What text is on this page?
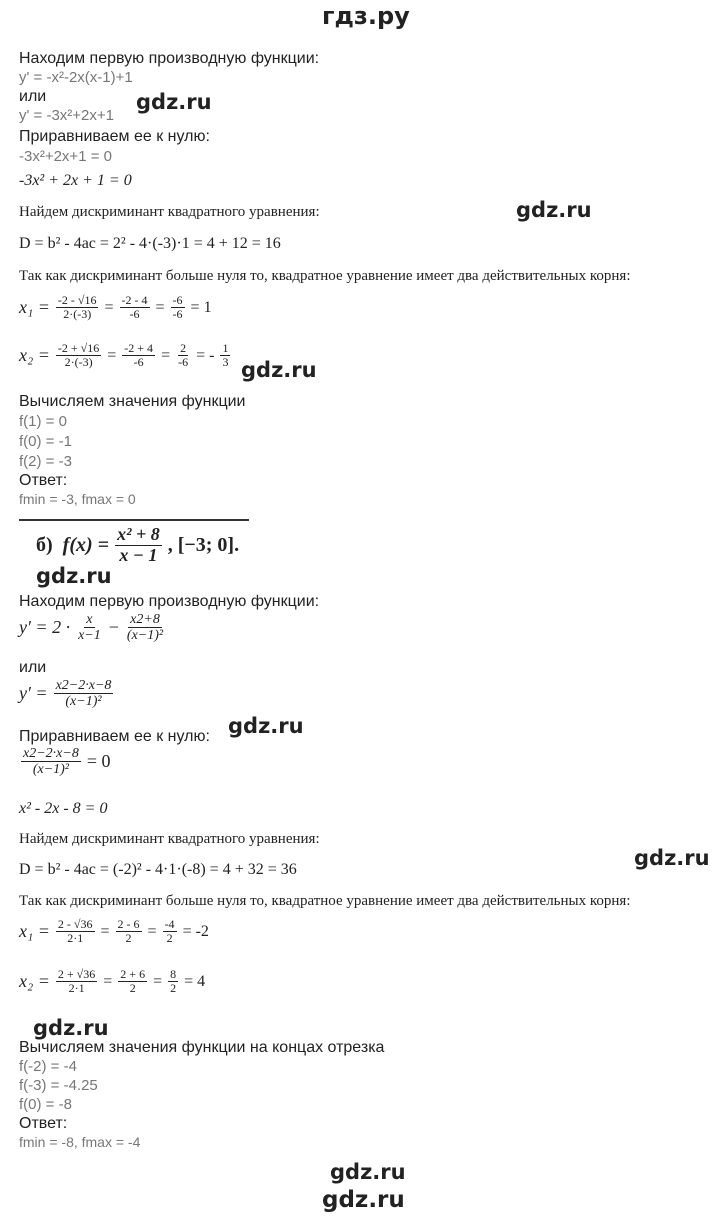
гдз.ру
Находим первую производную функции:
y' = -x²-2x(x-1)+1
или	gdz.ru
y' = -3x²+2x+1
Приравниваем ее к нулю:
-3x²+2x+1 = 0
-3x² + 2x + 1 = 0
Найдем дискриминант квадратного уравнения:	gdz.ru
D = b² - 4ac = 2² - 4·(-3)·1 = 4 + 12 = 16
Так как дискриминант больше нуля то, квадратное уравнение имеет два действительных корня:
$x_1 = \frac{-2 - √16}{2\cdot(-3)} = \frac{-2 - 4}{-6} = \frac{-6}{-6} = 1$
$x_2 = \frac{-2 + √16}{2\cdot(-3)} = \frac{-2 + 4}{-6} = \frac{2}{-6}$ = - $\frac{1}{3}$
gdz.ru
Вычисляем значения функции
f(1) = 0
f(0) = -1
f(2) = -3
Ответ:
fmin = -3, fmax = 0
б) $f(x) = \frac{\text{x² + 8}}{x - 1}$ , [−3; 0].
gdz.ru
Находим первую производную функции:
$y' = 2 \cdot \frac{x}{x-1} - \frac{x2+8}{\text{(x−1)²}}$
или
$y' = \frac{x2-2\cdot x-8}{\text{(x−1)²}}$
Приравниваем ее к нулю: gdz.ru
$\frac{x2-2\cdot x-8}{\text{(x−1)²}} = 0$
x² - 2x - 8 = 0
Найдем дискриминант квадратного уравнения:
gdz.ru
D = b² - 4ac = (-2)² - 4·1·(-8) = 4 + 32 = 36
Так как дискриминант больше нуля то, квадратное уравнение имеет два действительных корня:
$x_1 = \frac{2 - √36}{2\cdot 1} = \frac{2 - 6}{2} = \frac{-4}{2} = -2$
$x_2 = \frac{2 + √36}{2\cdot 1} = \frac{2 + 6}{2} = \frac{8}{2} = 4$
gdz.ru
Вычисляем значения функции на концах отрезка
f(-2) = -4
f(-3) = -4.25
f(0) = -8
Ответ:
fmin = -8, fmax = -4
gdz.ru
gdz.ru
